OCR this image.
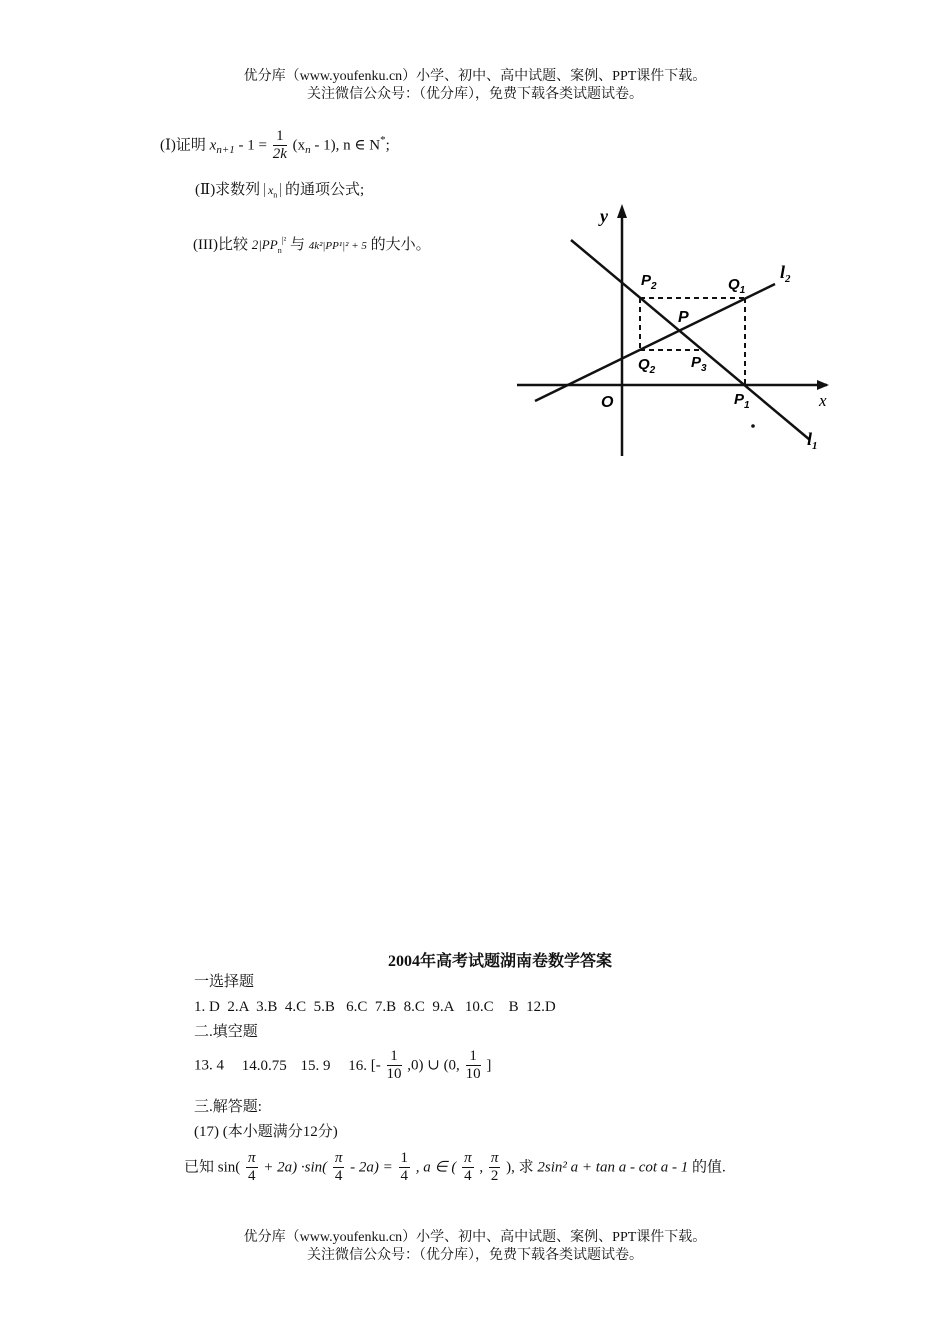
优分库（www.youfenku.cn）小学、初中、高中试题、案例、PPT课件下载。
关注微信公众号：（优分库），免费下载各类试题试卷。
(Ⅰ)证明 $x_{n+1} - 1 = \frac{1}{2k} (x_n - 1)$, n ∈ N*;
(Ⅱ)求数列 $x_n$ 的通项公式;
(III)比较 $2|PP_n^{|^2}$ 与 4k²|PP¹|² + 5 的大小。
y
x
O
P
$P_2$	$Q_1$
$Q_2$ $P_3$
$P_1$
$l_2$
$l_1$
2004年高考试题湖南卷数学答案
一选择题
1. D  2.A  3.B  4.C  5.B   6.C  7.B  8.C  9.A   10.C    B  12.D
二.填空题
13. 4 14.0.75 15. 9 16. [- $\frac{1}{10} ,0$) ∪ (0, $\frac{1}{10}$ ]
三.解答题:
(17) (本小题满分12分)
已知 $\sin( \frac{\pi}{4} + 2a) \cdot\sin( \frac{\pi}{4} - 2a) = \frac{1}{4}$ , a ∈ ( $\frac{\pi}{4}$ , $\frac{\pi}{2}$ ), 求 2sin² a + tan a - cot a - 1 的值.
优分库（www.youfenku.cn）小学、初中、高中试题、案例、PPT课件下载。
关注微信公众号：（优分库），免费下载各类试题试卷。
